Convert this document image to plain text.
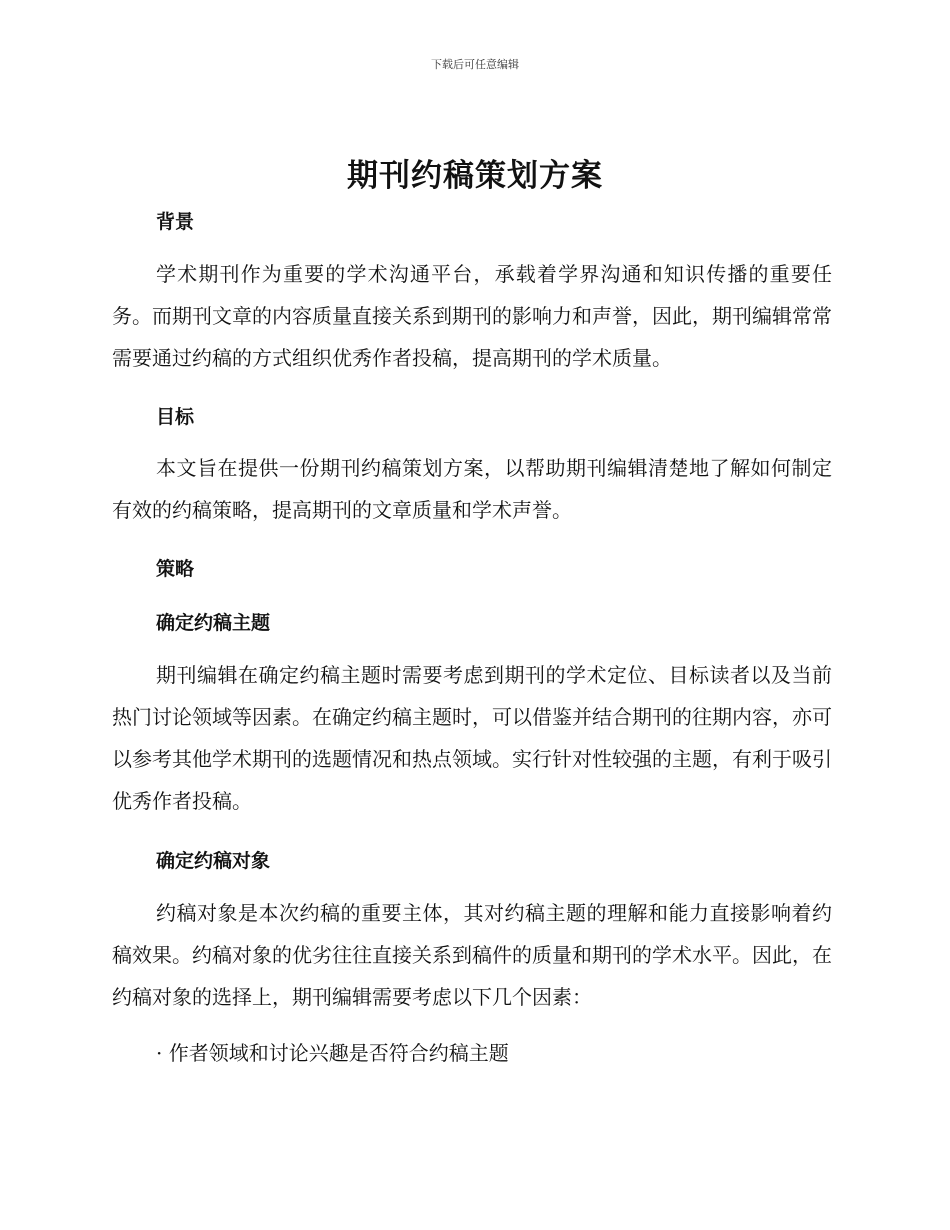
下载后可任意编辑
期刊约稿策划方案
背景

学术期刊作为重要的学术沟通平台，承载着学界沟通和知识传播的重要任务。而期刊文章的内容质量直接关系到期刊的影响力和声誉，因此，期刊编辑常常需要通过约稿的方式组织优秀作者投稿，提高期刊的学术质量。

目标

本文旨在提供一份期刊约稿策划方案，以帮助期刊编辑清楚地了解如何制定有效的约稿策略，提高期刊的文章质量和学术声誉。

策略
确定约稿主题

期刊编辑在确定约稿主题时需要考虑到期刊的学术定位、目标读者以及当前热门讨论领域等因素。在确定约稿主题时，可以借鉴并结合期刊的往期内容，亦可以参考其他学术期刊的选题情况和热点领域。实行针对性较强的主题，有利于吸引优秀作者投稿。

确定约稿对象

约稿对象是本次约稿的重要主体，其对约稿主题的理解和能力直接影响着约稿效果。约稿对象的优劣往往直接关系到稿件的质量和期刊的学术水平。因此，在约稿对象的选择上，期刊编辑需要考虑以下几个因素：

· 作者领域和讨论兴趣是否符合约稿主题
